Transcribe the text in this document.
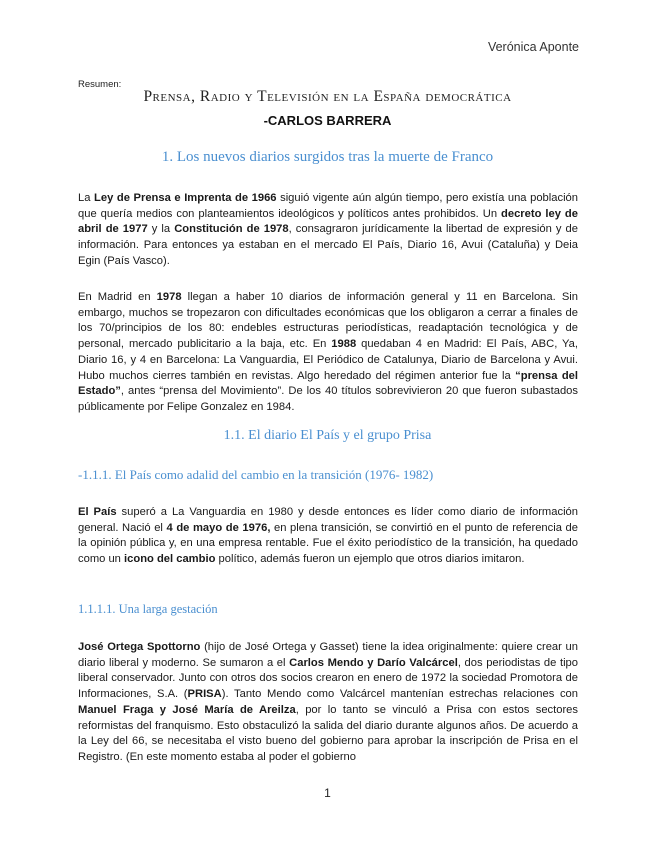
Verónica Aponte
Resumen:
Prensa, Radio y Televisión en la España democrática
-CARLOS BARRERA
1. Los nuevos diarios surgidos tras la muerte de Franco

La Ley de Prensa e Imprenta de 1966 siguió vigente aún algún tiempo, pero existía una población que quería medios con planteamientos ideológicos y políticos antes prohibidos. Un decreto ley de abril de 1977 y la Constitución de 1978, consagraron jurídicamente la libertad de expresión y de información. Para entonces ya estaban en el mercado El País, Diario 16, Avui (Cataluña) y Deia Egin (País Vasco).

En Madrid en 1978 llegan a haber 10 diarios de información general y 11 en Barcelona. Sin embargo, muchos se tropezaron con dificultades económicas que los obligaron a cerrar a finales de los 70/principios de los 80: endebles estructuras periodísticas, readaptación tecnológica y de personal, mercado publicitario a la baja, etc. En 1988 quedaban 4 en Madrid: El País, ABC, Ya, Diario 16, y 4 en Barcelona: La Vanguardia, El Periódico de Catalunya, Diario de Barcelona y Avui. Hubo muchos cierres también en revistas. Algo heredado del régimen anterior fue la “prensa del Estado”, antes “prensa del Movimiento”. De los 40 títulos sobrevivieron 20 que fueron subastados públicamente por Felipe Gonzalez en 1984.

1.1. El diario El País y el grupo Prisa
-1.1.1. El País como adalid del cambio en la transición (1976- 1982)

El País superó a La Vanguardia en 1980 y desde entonces es líder como diario de información general. Nació el 4 de mayo de 1976, en plena transición, se convirtió en el punto de referencia de la opinión pública y, en una empresa rentable. Fue el éxito periodístico de la transición, ha quedado como un icono del cambio político, además fueron un ejemplo que otros diarios imitaron.

1.1.1.1. Una larga gestación

José Ortega Spottorno (hijo de José Ortega y Gasset) tiene la idea originalmente: quiere crear un diario liberal y moderno. Se sumaron a el Carlos Mendo y Darío Valcárcel, dos periodistas de tipo liberal conservador. Junto con otros dos socios crearon en enero de 1972 la sociedad Promotora de Informaciones, S.A. (PRISA). Tanto Mendo como Valcárcel mantenían estrechas relaciones con Manuel Fraga y José María de Areilza, por lo tanto se vinculó a Prisa con estos sectores reformistas del franquismo. Esto obstaculizó la salida del diario durante algunos años. De acuerdo a la Ley del 66, se necesitaba el visto bueno del gobierno para aprobar la inscripción de Prisa en el Registro. (En este momento estaba al poder el gobierno

1
